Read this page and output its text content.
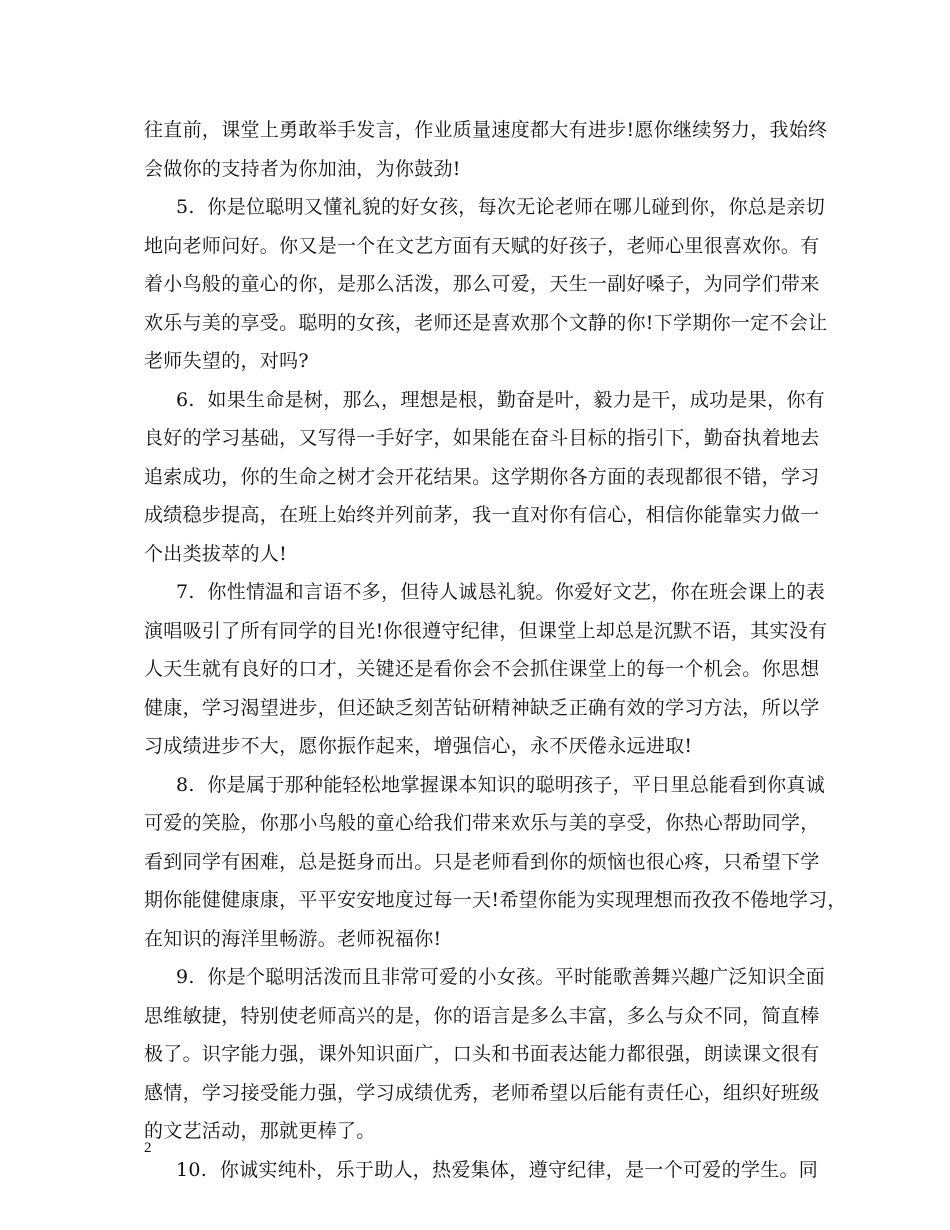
往直前，课堂上勇敢举手发言，作业质量速度都大有进步!愿你继续努力，我始终
会做你的支持者为你加油，为你鼓劲!
5.  你是位聪明又懂礼貌的好女孩，每次无论老师在哪儿碰到你，你总是亲切
地向老师问好。你又是一个在文艺方面有天赋的好孩子，老师心里很喜欢你。有
着小鸟般的童心的你，是那么活泼，那么可爱，天生一副好嗓子，为同学们带来
欢乐与美的享受。聪明的女孩，老师还是喜欢那个文静的你!下学期你一定不会让
老师失望的，对吗?
6.  如果生命是树，那么，理想是根，勤奋是叶，毅力是干，成功是果，你有
良好的学习基础，又写得一手好字，如果能在奋斗目标的指引下，勤奋执着地去
追索成功，你的生命之树才会开花结果。这学期你各方面的表现都很不错，学习
成绩稳步提高，在班上始终并列前茅，我一直对你有信心，相信你能靠实力做一
个出类拔萃的人!
7.  你性情温和言语不多，但待人诚恳礼貌。你爱好文艺，你在班会课上的表
演唱吸引了所有同学的目光!你很遵守纪律，但课堂上却总是沉默不语，其实没有
人天生就有良好的口才，关键还是看你会不会抓住课堂上的每一个机会。你思想
健康，学习渴望进步，但还缺乏刻苦钻研精神缺乏正确有效的学习方法，所以学
习成绩进步不大，愿你振作起来，增强信心，永不厌倦永远进取!
8.  你是属于那种能轻松地掌握课本知识的聪明孩子，平日里总能看到你真诚
可爱的笑脸，你那小鸟般的童心给我们带来欢乐与美的享受，你热心帮助同学，
看到同学有困难，总是挺身而出。只是老师看到你的烦恼也很心疼，只希望下学
期你能健健康康，平平安安地度过每一天!希望你能为实现理想而孜孜不倦地学习，
在知识的海洋里畅游。老师祝福你!
9.  你是个聪明活泼而且非常可爱的小女孩。平时能歌善舞兴趣广泛知识全面
思维敏捷，特别使老师高兴的是，你的语言是多么丰富，多么与众不同，简直棒
极了。识字能力强，课外知识面广，口头和书面表达能力都很强，朗读课文很有
感情，学习接受能力强，学习成绩优秀，老师希望以后能有责任心，组织好班级
的文艺活动，那就更棒了。
10.  你诚实纯朴，乐于助人，热爱集体，遵守纪律，是一个可爱的学生。同
2
